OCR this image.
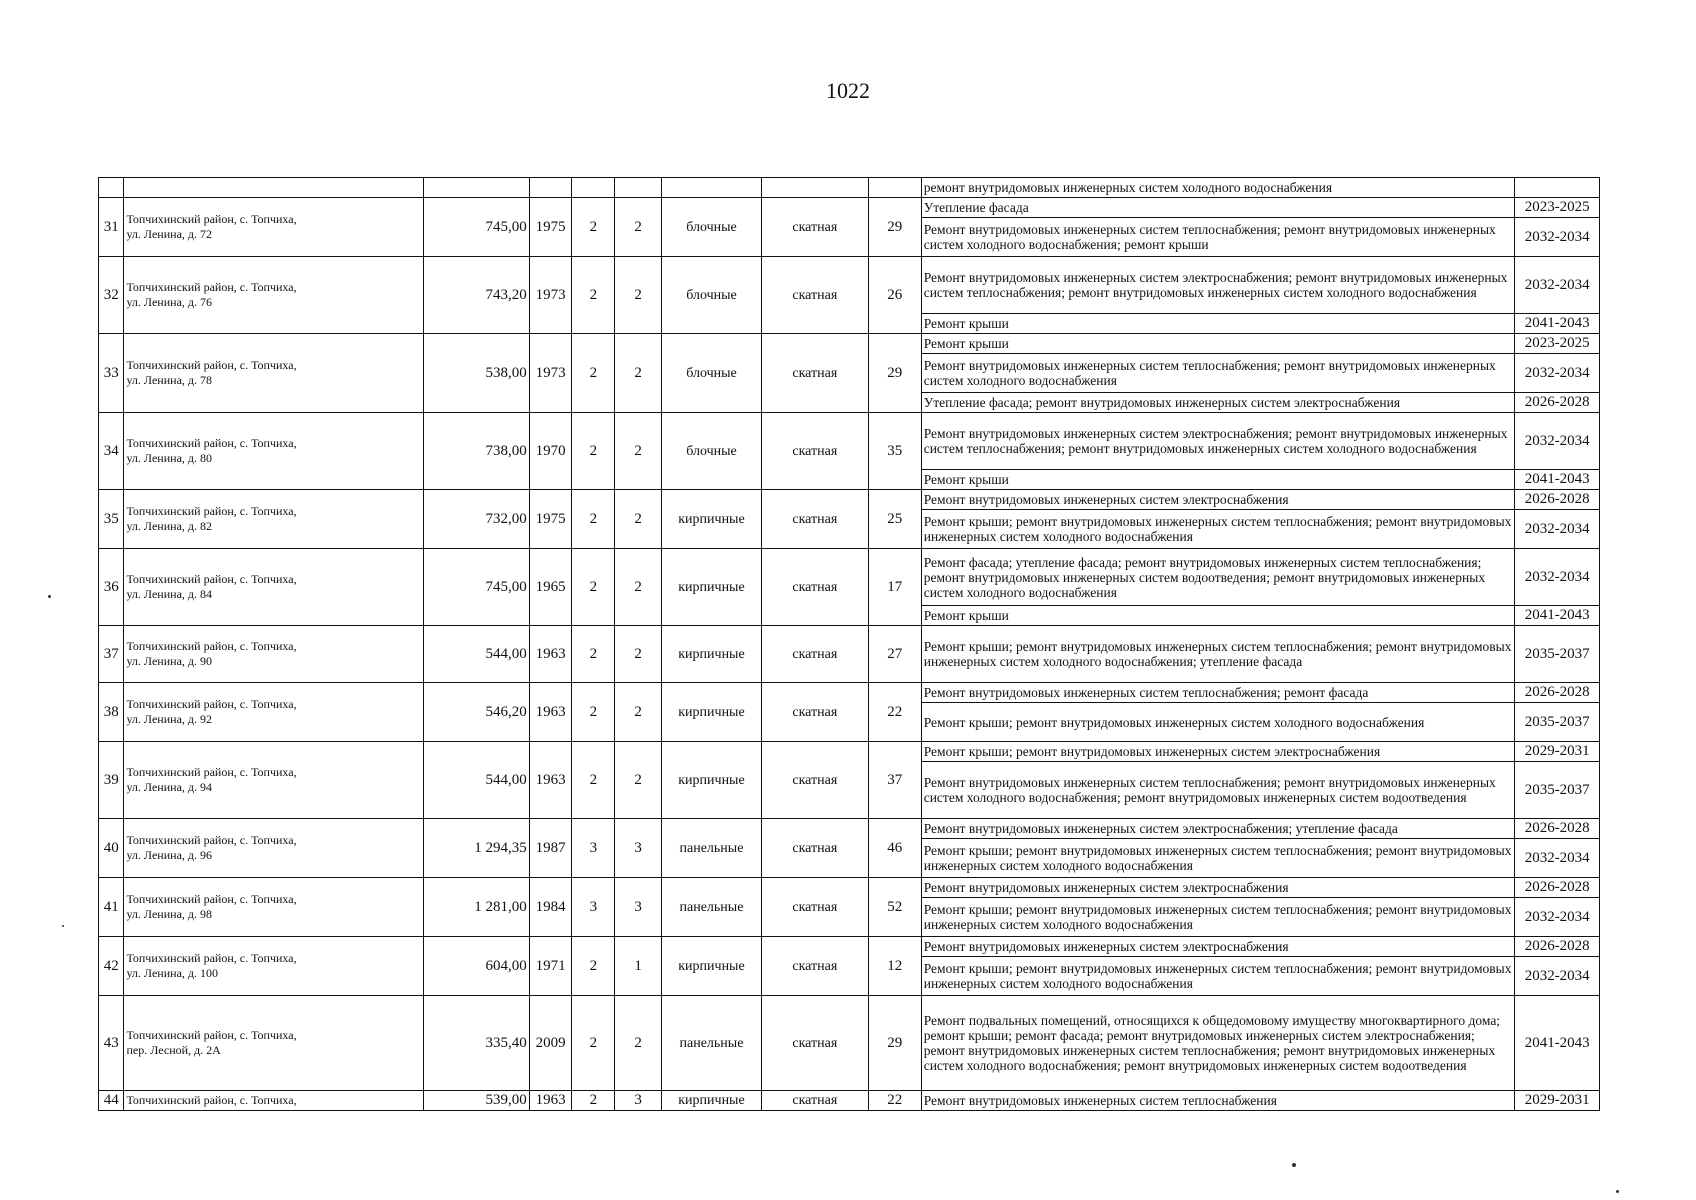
1022
									ремонт внутридомовых инженерных систем холодного водоснабжения	
31	Топчихинский район, с. Топчиха,
ул. Ленина, д. 72	745,00	1975	2	2	блочные	скатная	29	Утепление фасада	2023-2025
									Ремонт внутридомовых инженерных систем теплоснабжения; ремонт внутридомовых инженерных систем холодного водоснабжения; ремонт крыши	2032-2034
32	Топчихинский район, с. Топчиха,
ул. Ленина, д. 76	743,20	1973	2	2	блочные	скатная	26	Ремонт внутридомовых инженерных систем электроснабжения; ремонт внутридомовых инженерных систем теплоснабжения; ремонт внутридомовых инженерных систем холодного водоснабжения	2032-2034
									Ремонт крыши	2041-2043
33	Топчихинский район, с. Топчиха,
ул. Ленина, д. 78	538,00	1973	2	2	блочные	скатная	29	Ремонт крыши	2023-2025
									Ремонт внутридомовых инженерных систем теплоснабжения; ремонт внутридомовых инженерных систем холодного водоснабжения	2032-2034
									Утепление фасада; ремонт внутридомовых инженерных систем электроснабжения	2026-2028
34	Топчихинский район, с. Топчиха,
ул. Ленина, д. 80	738,00	1970	2	2	блочные	скатная	35	Ремонт внутридомовых инженерных систем электроснабжения; ремонт внутридомовых инженерных систем теплоснабжения; ремонт внутридомовых инженерных систем холодного водоснабжения	2032-2034
									Ремонт крыши	2041-2043
35	Топчихинский район, с. Топчиха,
ул. Ленина, д. 82	732,00	1975	2	2	кирпичные	скатная	25	Ремонт внутридомовых инженерных систем электроснабжения	2026-2028
									Ремонт крыши; ремонт внутридомовых инженерных систем теплоснабжения; ремонт внутридомовых инженерных систем холодного водоснабжения	2032-2034
36	Топчихинский район, с. Топчиха,
ул. Ленина, д. 84	745,00	1965	2	2	кирпичные	скатная	17	Ремонт фасада; утепление фасада; ремонт внутридомовых инженерных систем теплоснабжения; ремонт внутридомовых инженерных систем водоотведения; ремонт внутридомовых инженерных систем холодного водоснабжения	2032-2034
									Ремонт крыши	2041-2043
37	Топчихинский район, с. Топчиха,
ул. Ленина, д. 90	544,00	1963	2	2	кирпичные	скатная	27	Ремонт крыши; ремонт внутридомовых инженерных систем теплоснабжения; ремонт внутридомовых инженерных систем холодного водоснабжения; утепление фасада	2035-2037
38	Топчихинский район, с. Топчиха,
ул. Ленина, д. 92	546,20	1963	2	2	кирпичные	скатная	22	Ремонт внутридомовых инженерных систем теплоснабжения; ремонт фасада	2026-2028
									Ремонт крыши; ремонт внутридомовых инженерных систем холодного водоснабжения	2035-2037
39	Топчихинский район, с. Топчиха,
ул. Ленина, д. 94	544,00	1963	2	2	кирпичные	скатная	37	Ремонт крыши; ремонт внутридомовых инженерных систем электроснабжения	2029-2031
									Ремонт внутридомовых инженерных систем теплоснабжения; ремонт внутридомовых инженерных систем холодного водоснабжения; ремонт внутридомовых инженерных систем водоотведения	2035-2037
40	Топчихинский район, с. Топчиха,
ул. Ленина, д. 96	1 294,35	1987	3	3	панельные	скатная	46	Ремонт внутридомовых инженерных систем электроснабжения; утепление фасада	2026-2028
									Ремонт крыши; ремонт внутридомовых инженерных систем теплоснабжения; ремонт внутридомовых инженерных систем холодного водоснабжения	2032-2034
41	Топчихинский район, с. Топчиха,
ул. Ленина, д. 98	1 281,00	1984	3	3	панельные	скатная	52	Ремонт внутридомовых инженерных систем электроснабжения	2026-2028
									Ремонт крыши; ремонт внутридомовых инженерных систем теплоснабжения; ремонт внутридомовых инженерных систем холодного водоснабжения	2032-2034
42	Топчихинский район, с. Топчиха,
ул. Ленина, д. 100	604,00	1971	2	1	кирпичные	скатная	12	Ремонт внутридомовых инженерных систем электроснабжения	2026-2028
									Ремонт крыши; ремонт внутридомовых инженерных систем теплоснабжения; ремонт внутридомовых инженерных систем холодного водоснабжения	2032-2034
43	Топчихинский район, с. Топчиха,
пер. Лесной, д. 2А	335,40	2009	2	2	панельные	скатная	29	Ремонт подвальных помещений, относящихся к общедомовому имуществу многоквартирного дома; ремонт крыши; ремонт фасада; ремонт внутридомовых инженерных систем электроснабжения; ремонт внутридомовых инженерных систем теплоснабжения; ремонт внутридомовых инженерных систем холодного водоснабжения; ремонт внутридомовых инженерных систем водоотведения	2041-2043
44	Топчихинский район, с. Топчиха,	539,00	1963	2	3	кирпичные	скатная	22	Ремонт внутридомовых инженерных систем теплоснабжения	2029-2031
